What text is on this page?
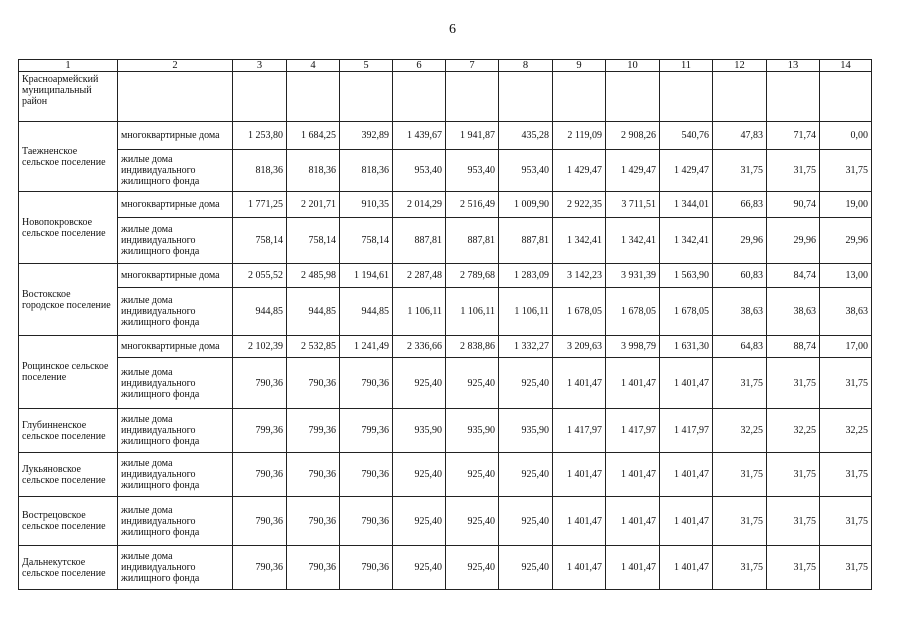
6
1	2	3	4	5	6	7	8	9	10	11	12	13	14
Красноармейский муниципальный район													
Таежненское сельское поселение	многоквартирные дома	1 253,80	1 684,25	392,89	1 439,67	1 941,87	435,28	2 119,09	2 908,26	540,76	47,83	71,74	0,00
	жилые дома индивидуального жилищного фонда	818,36	818,36	818,36	953,40	953,40	953,40	1 429,47	1 429,47	1 429,47	31,75	31,75	31,75
Новопокровское сельское поселение	многоквартирные дома	1 771,25	2 201,71	910,35	2 014,29	2 516,49	1 009,90	2 922,35	3 711,51	1 344,01	66,83	90,74	19,00
	жилые дома индивидуального жилищного фонда	758,14	758,14	758,14	887,81	887,81	887,81	1 342,41	1 342,41	1 342,41	29,96	29,96	29,96
Востокское городское поселение	многоквартирные дома	2 055,52	2 485,98	1 194,61	2 287,48	2 789,68	1 283,09	3 142,23	3 931,39	1 563,90	60,83	84,74	13,00
	жилые дома индивидуального жилищного фонда	944,85	944,85	944,85	1 106,11	1 106,11	1 106,11	1 678,05	1 678,05	1 678,05	38,63	38,63	38,63
Рощинское сельское поселение	многоквартирные дома	2 102,39	2 532,85	1 241,49	2 336,66	2 838,86	1 332,27	3 209,63	3 998,79	1 631,30	64,83	88,74	17,00
	жилые дома индивидуального жилищного фонда	790,36	790,36	790,36	925,40	925,40	925,40	1 401,47	1 401,47	1 401,47	31,75	31,75	31,75
Глубинненское сельское поселение	жилые дома индивидуального жилищного фонда	799,36	799,36	799,36	935,90	935,90	935,90	1 417,97	1 417,97	1 417,97	32,25	32,25	32,25
Лукьяновское сельское поселение	жилые дома индивидуального жилищного фонда	790,36	790,36	790,36	925,40	925,40	925,40	1 401,47	1 401,47	1 401,47	31,75	31,75	31,75
Вострецовское сельское поселение	жилые дома индивидуального жилищного фонда	790,36	790,36	790,36	925,40	925,40	925,40	1 401,47	1 401,47	1 401,47	31,75	31,75	31,75
Дальнекутское сельское поселение	жилые дома индивидуального жилищного фонда	790,36	790,36	790,36	925,40	925,40	925,40	1 401,47	1 401,47	1 401,47	31,75	31,75	31,75
